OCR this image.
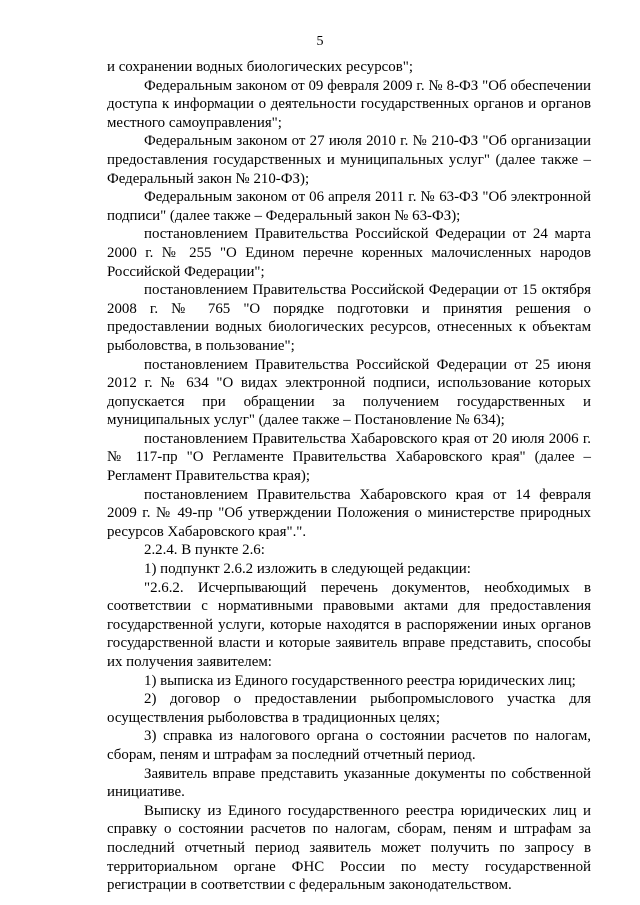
5

и сохранении водных биологических ресурсов";

Федеральным законом от 09 февраля 2009 г. № 8-ФЗ "Об обеспечении доступа к информации о деятельности государственных органов и органов местного самоуправления";

Федеральным законом от 27 июля 2010 г. № 210-ФЗ "Об организации предоставления государственных и муниципальных услуг" (далее также – Федеральный закон № 210-ФЗ);

Федеральным законом от 06 апреля 2011 г. № 63-ФЗ "Об электронной подписи" (далее также – Федеральный закон № 63-ФЗ);

постановлением Правительства Российской Федерации от 24 марта 2000 г. № 255 "О Едином перечне коренных малочисленных народов Российской Федерации";

постановлением Правительства Российской Федерации от 15 октября 2008 г. № 765 "О порядке подготовки и принятия решения о предоставлении водных биологических ресурсов, отнесенных к объектам рыболовства, в пользование";

постановлением Правительства Российской Федерации от 25 июня 2012 г. № 634 "О видах электронной подписи, использование которых допускается при обращении за получением государственных и муниципальных услуг" (далее также – Постановление № 634);

постановлением Правительства Хабаровского края от 20 июля 2006 г. № 117-пр "О Регламенте Правительства Хабаровского края" (далее – Регламент Правительства края);

постановлением Правительства Хабаровского края от 14 февраля 2009 г. № 49-пр "Об утверждении Положения о министерстве природных ресурсов Хабаровского края".".

2.2.4. В пункте 2.6:

1) подпункт 2.6.2 изложить в следующей редакции:

"2.6.2. Исчерпывающий перечень документов, необходимых в соответствии с нормативными правовыми актами для предоставления государственной услуги, которые находятся в распоряжении иных органов государственной власти и которые заявитель вправе представить, способы их получения заявителем:

1) выписка из Единого государственного реестра юридических лиц;

2) договор о предоставлении рыбопромыслового участка для осуществления рыболовства в традиционных целях;

3) справка из налогового органа о состоянии расчетов по налогам, сборам, пеням и штрафам за последний отчетный период.

Заявитель вправе представить указанные документы по собственной инициативе.

Выписку из Единого государственного реестра юридических лиц и справку о состоянии расчетов по налогам, сборам, пеням и штрафам за последний отчетный период заявитель может получить по запросу в территориальном органе ФНС России по месту государственной регистрации в соответствии с федеральным законодательством.
